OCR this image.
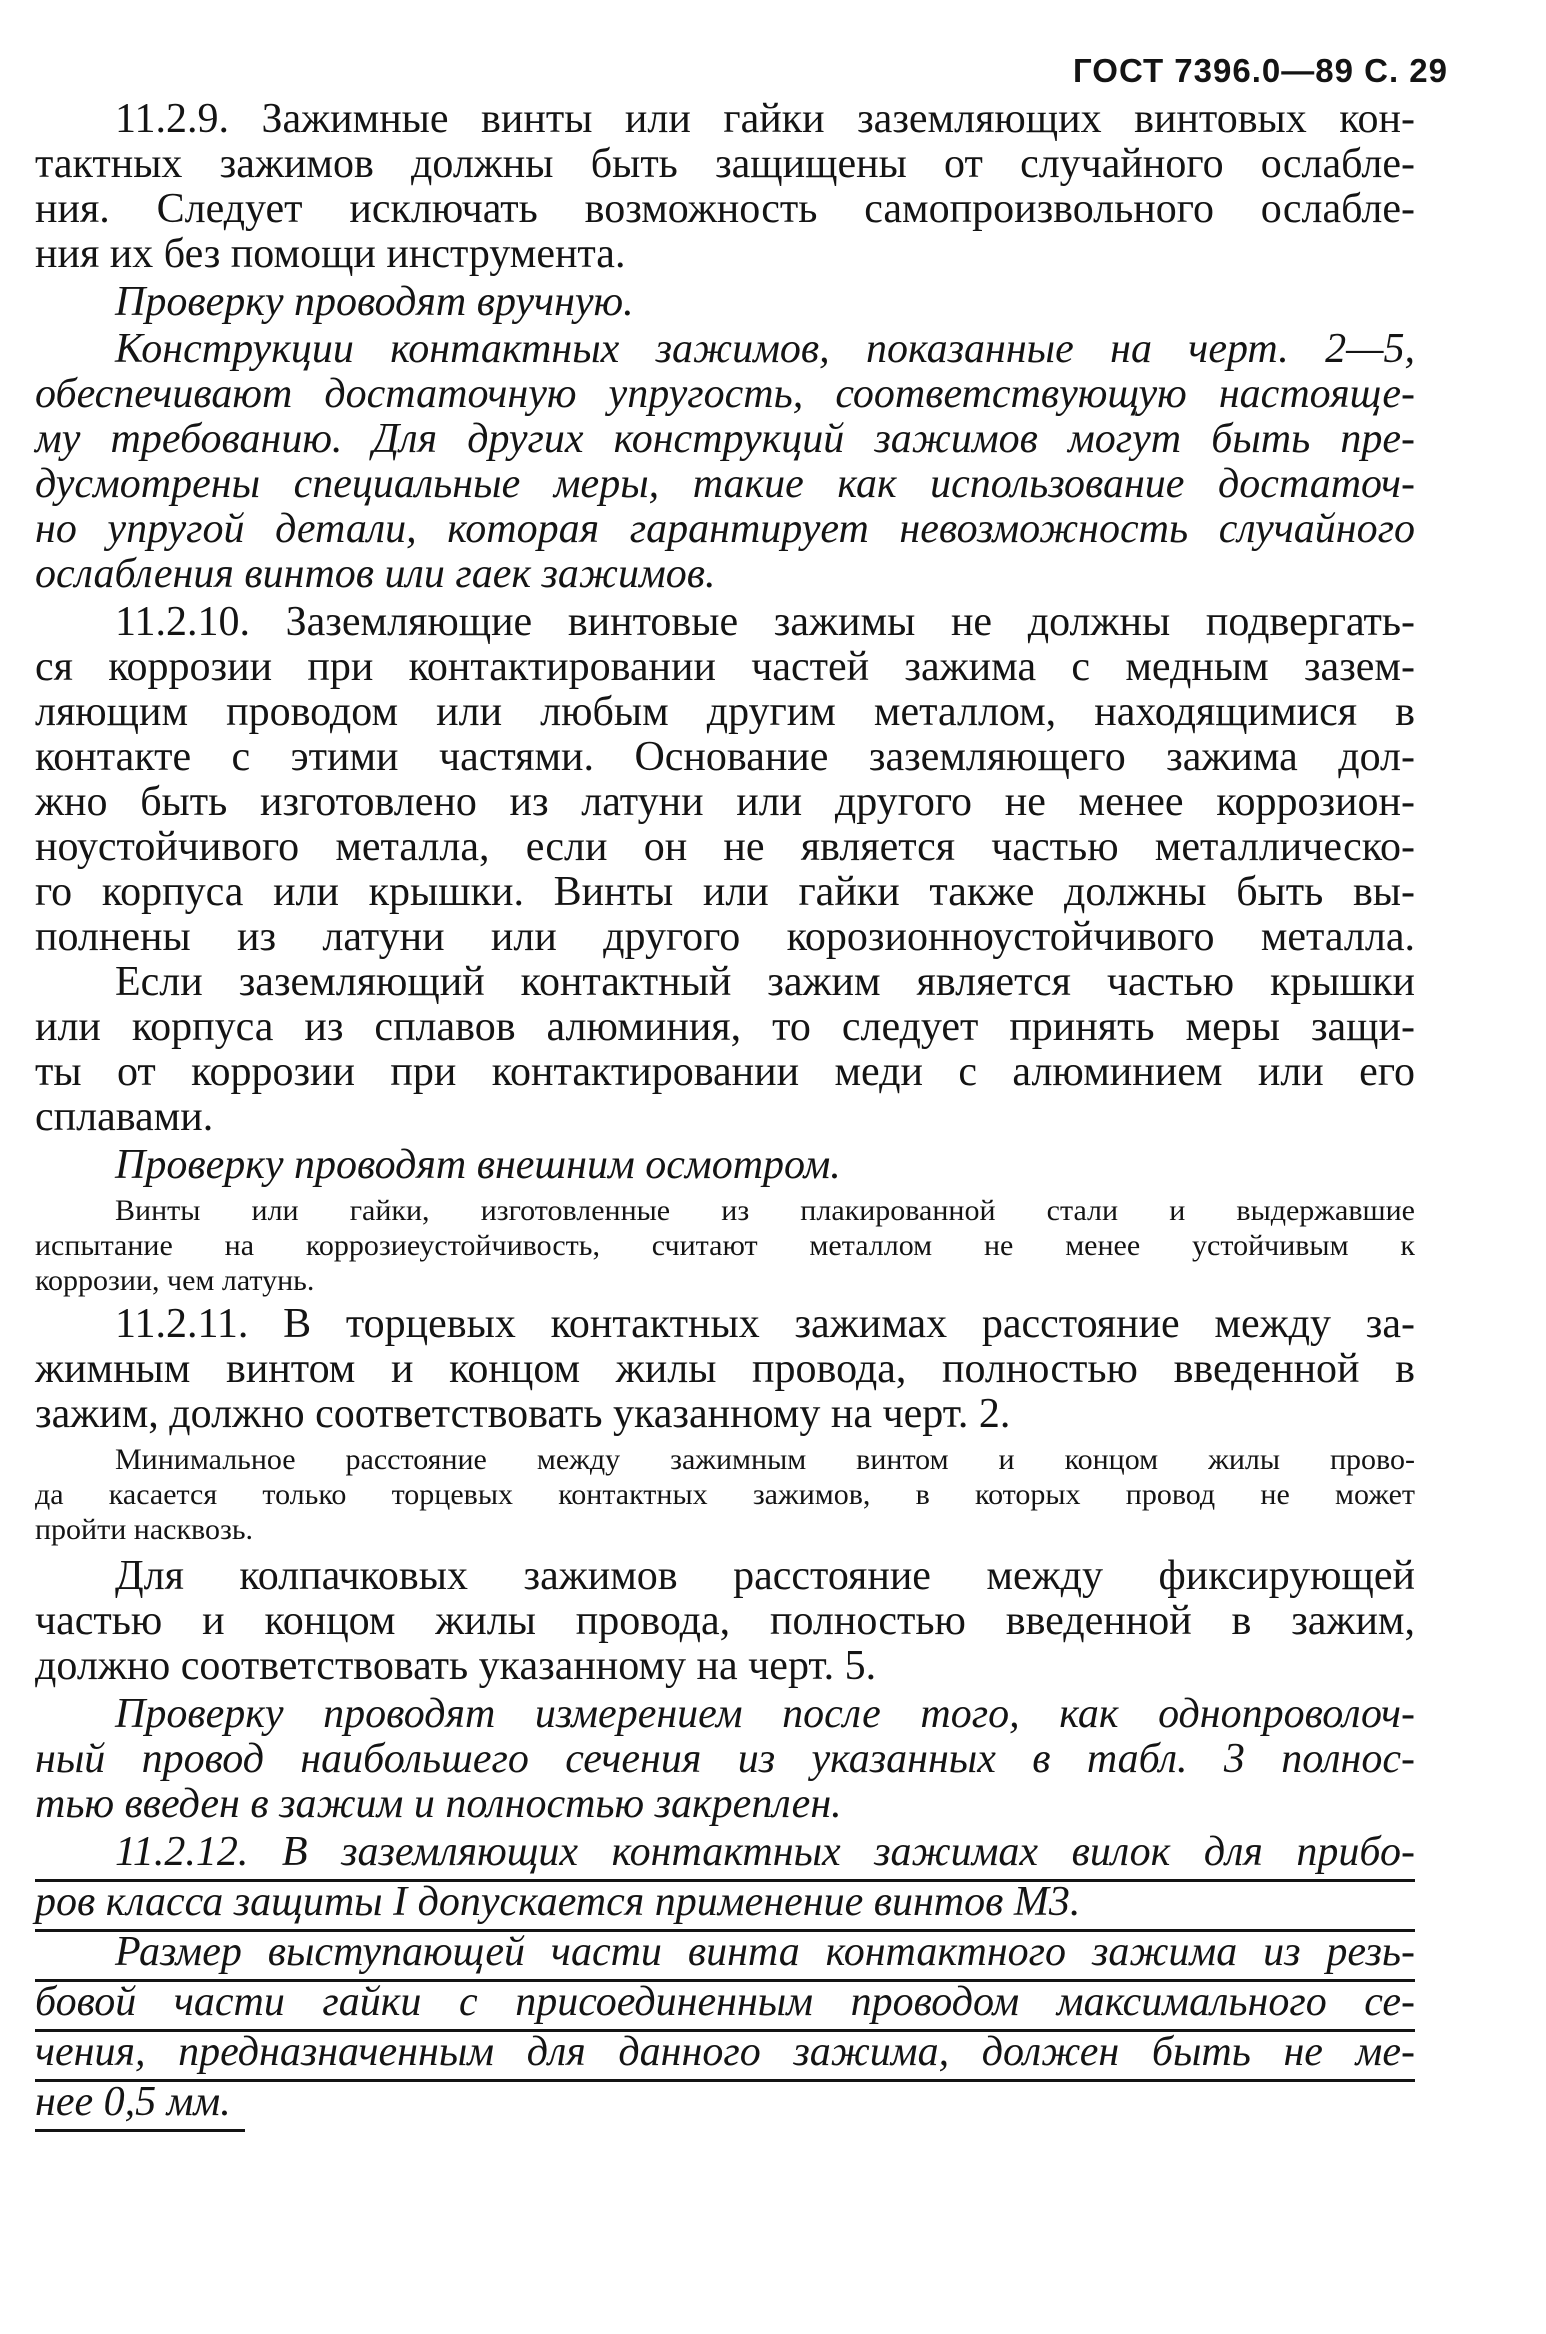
ГОСТ 7396.0—89 С. 29
11.2.9. Зажимные винты или гайки заземляющих винтовых кон-
тактных зажимов должны быть защищены от случайного ослабле-
ния. Следует исключать возможность самопроизвольного ослабле-
ния их без помощи инструмента.
Проверку проводят вручную.
Конструкции контактных зажимов, показанные на черт. 2—5,
обеспечивают достаточную упругость, соответствующую настояще-
му требованию. Для других конструкций зажимов могут быть пре-
дусмотрены специальные меры, такие как использование достаточ-
но упругой детали, которая гарантирует невозможность случайного
ослабления винтов или гаек зажимов.
11.2.10. Заземляющие винтовые зажимы не должны подвергать-
ся коррозии при контактировании частей зажима с медным зазем-
ляющим проводом или любым другим металлом, находящимися в
контакте с этими частями. Основание заземляющего зажима дол-
жно быть изготовлено из латуни или другого не менее коррозион-
ноустойчивого металла, если он не является частью металлическо-
го корпуса или крышки. Винты или гайки также должны быть вы-
полнены из латуни или другого корозионноустойчивого металла.
Если заземляющий контактный зажим является частью крышки
или корпуса из сплавов алюминия, то следует принять меры защи-
ты от коррозии при контактировании меди с алюминием или его
сплавами.
Проверку проводят внешним осмотром.
Винты или гайки, изготовленные из плакированной стали и выдержавшие
испытание на коррозиеустойчивость, считают металлом не менее устойчивым к
коррозии, чем латунь.
11.2.11. В торцевых контактных зажимах расстояние между за-
жимным винтом и концом жилы провода, полностью введенной в
зажим, должно соответствовать указанному на черт. 2.
Минимальное расстояние между зажимным винтом и концом жилы прово-
да касается только торцевых контактных зажимов, в которых провод не может
пройти насквозь.
Для колпачковых зажимов расстояние между фиксирующей
частью и концом жилы провода, полностью введенной в зажим,
должно соответствовать указанному на черт. 5.
Проверку проводят измерением после того, как однопроволоч-
ный провод наибольшего сечения из указанных в табл. 3 полнос-
тью введен в зажим и полностью закреплен.
11.2.12. В заземляющих контактных зажимах вилок для прибо-
ров класса защиты I допускается применение винтов М3.
Размер выступающей части винта контактного зажима из резь-
бовой части гайки с присоединенным проводом максимального се-
чения, предназначенным для данного зажима, должен быть не ме-
нее 0,5 мм.
